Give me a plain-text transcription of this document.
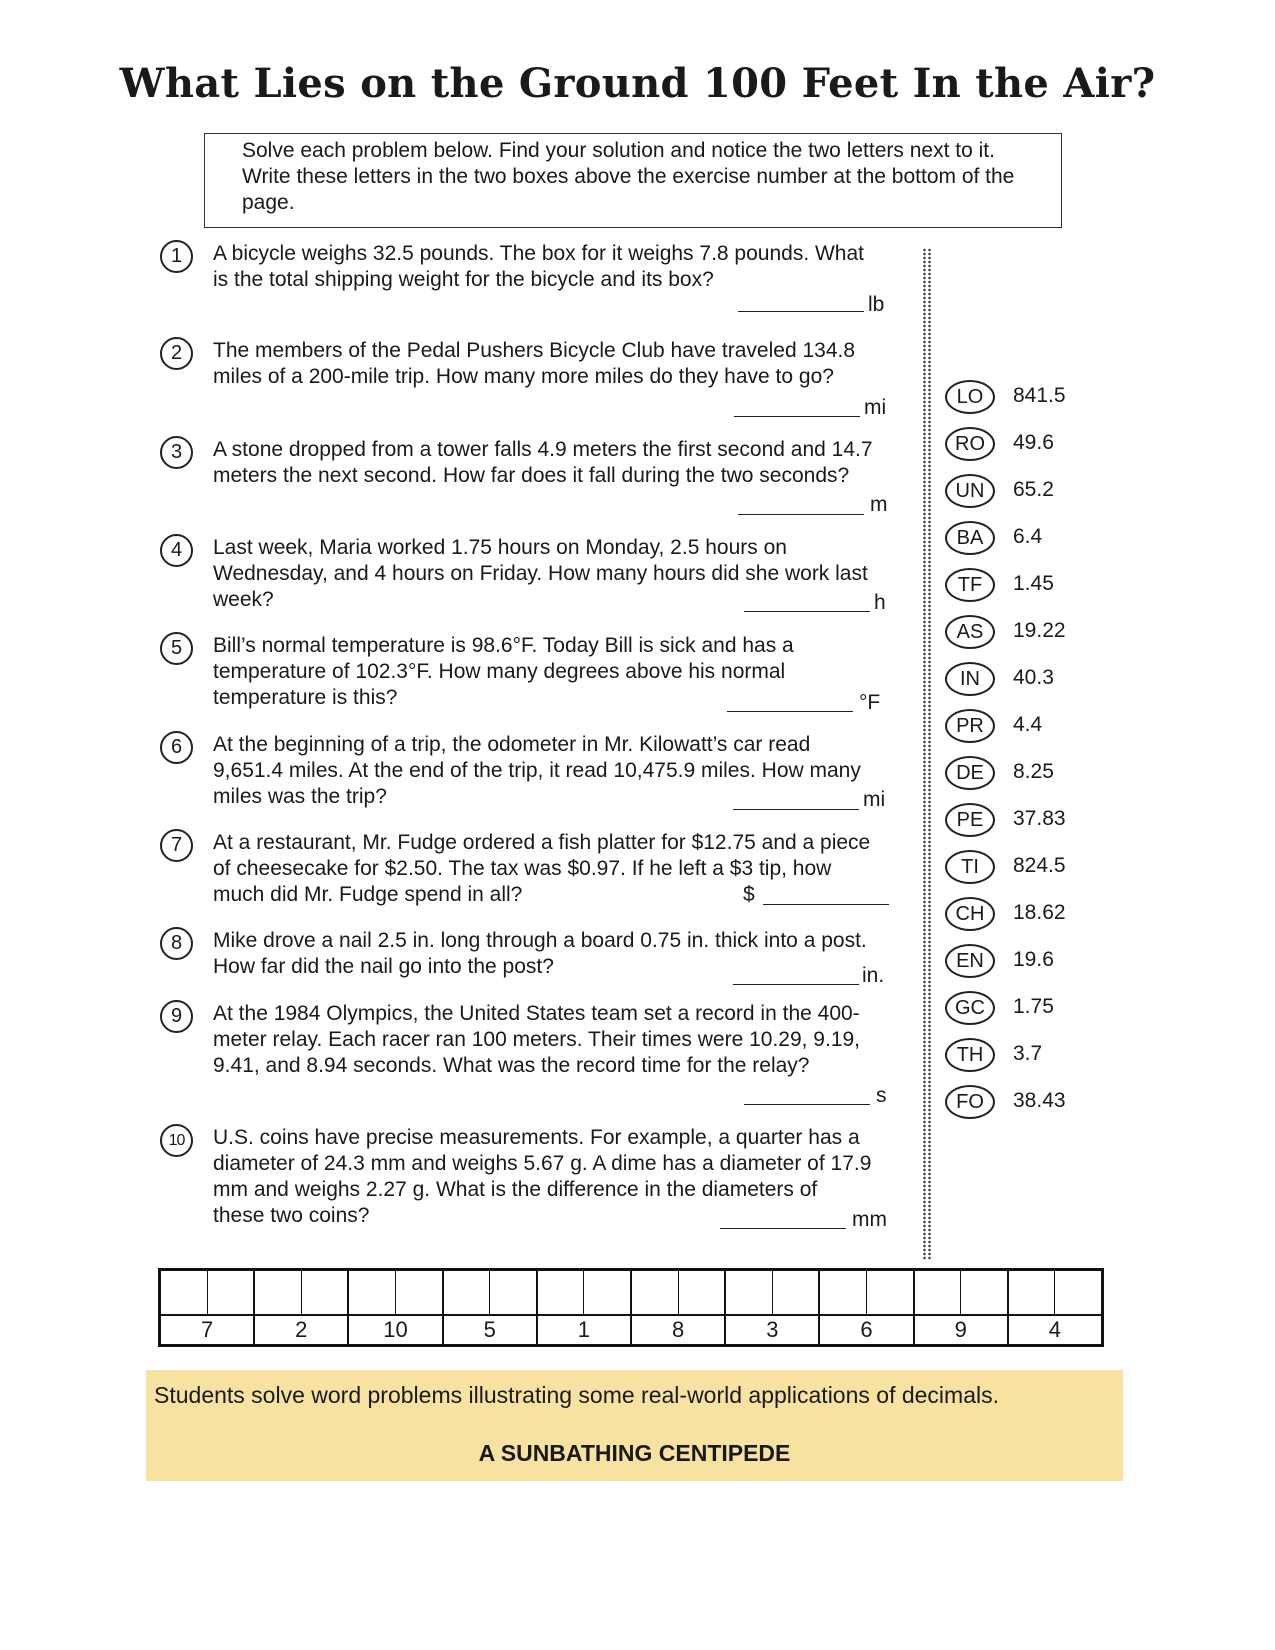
What Lies on the Ground 100 Feet In the Air?
Solve each problem below. Find your solution and notice the two letters next to it. Write these letters in the two boxes above the exercise number at the bottom of the page.
1	A bicycle weighs 32.5 pounds. The box for it weighs 7.8 pounds. What is the total shipping weight for the bicycle and its box?
lb
2	The members of the Pedal Pushers Bicycle Club have traveled 134.8 miles of a 200-mile trip. How many more miles do they have to go?
mi
3	A stone dropped from a tower falls 4.9 meters the first second and 14.7 meters the next second. How far does it fall during the two seconds?
m
4	Last week, Maria worked 1.75 hours on Monday, 2.5 hours on Wednesday, and 4 hours on Friday. How many hours did she work last week?	h
5	Bill’s normal temperature is 98.6°F. Today Bill is sick and has a temperature of 102.3°F. How many degrees above his normal temperature is this?	°F
6	At the beginning of a trip, the odometer in Mr. Kilowatt’s car read 9,651.4 miles. At the end of the trip, it read 10,475.9 miles. How many miles was the trip?	mi
7	At a restaurant, Mr. Fudge ordered a fish platter for $12.75 and a piece of cheesecake for $2.50. The tax was $0.97. If he left a $3 tip, how much did Mr. Fudge spend in all?	$
8	Mike drove a nail 2.5 in. long through a board 0.75 in. thick into a post. How far did the nail go into the post?	in.
9	At the 1984 Olympics, the United States team set a record in the 400-meter relay. Each racer ran 100 meters. Their times were 10.29, 9.19, 9.41, and 8.94 seconds. What was the record time for the relay?
s
10	U.S. coins have precise measurements. For example, a quarter has a diameter of 24.3 mm and weighs 5.67 g. A dime has a diameter of 17.9 mm and weighs 2.27 g. What is the difference in the diameters of these two coins?	mm
LO	841.5
RO	49.6
UN	65.2
BA	6.4
TF	1.45
AS	19.22
IN	40.3
PR	4.4
DE	8.25
PE	37.83
TI	824.5
CH	18.62
EN	19.6
GC	1.75
TH	3.7
FO	38.43
7	2	10	5	1	8	3	6	9	4
Students solve word problems illustrating some real-world applications of decimals.
A SUNBATHING CENTIPEDE
